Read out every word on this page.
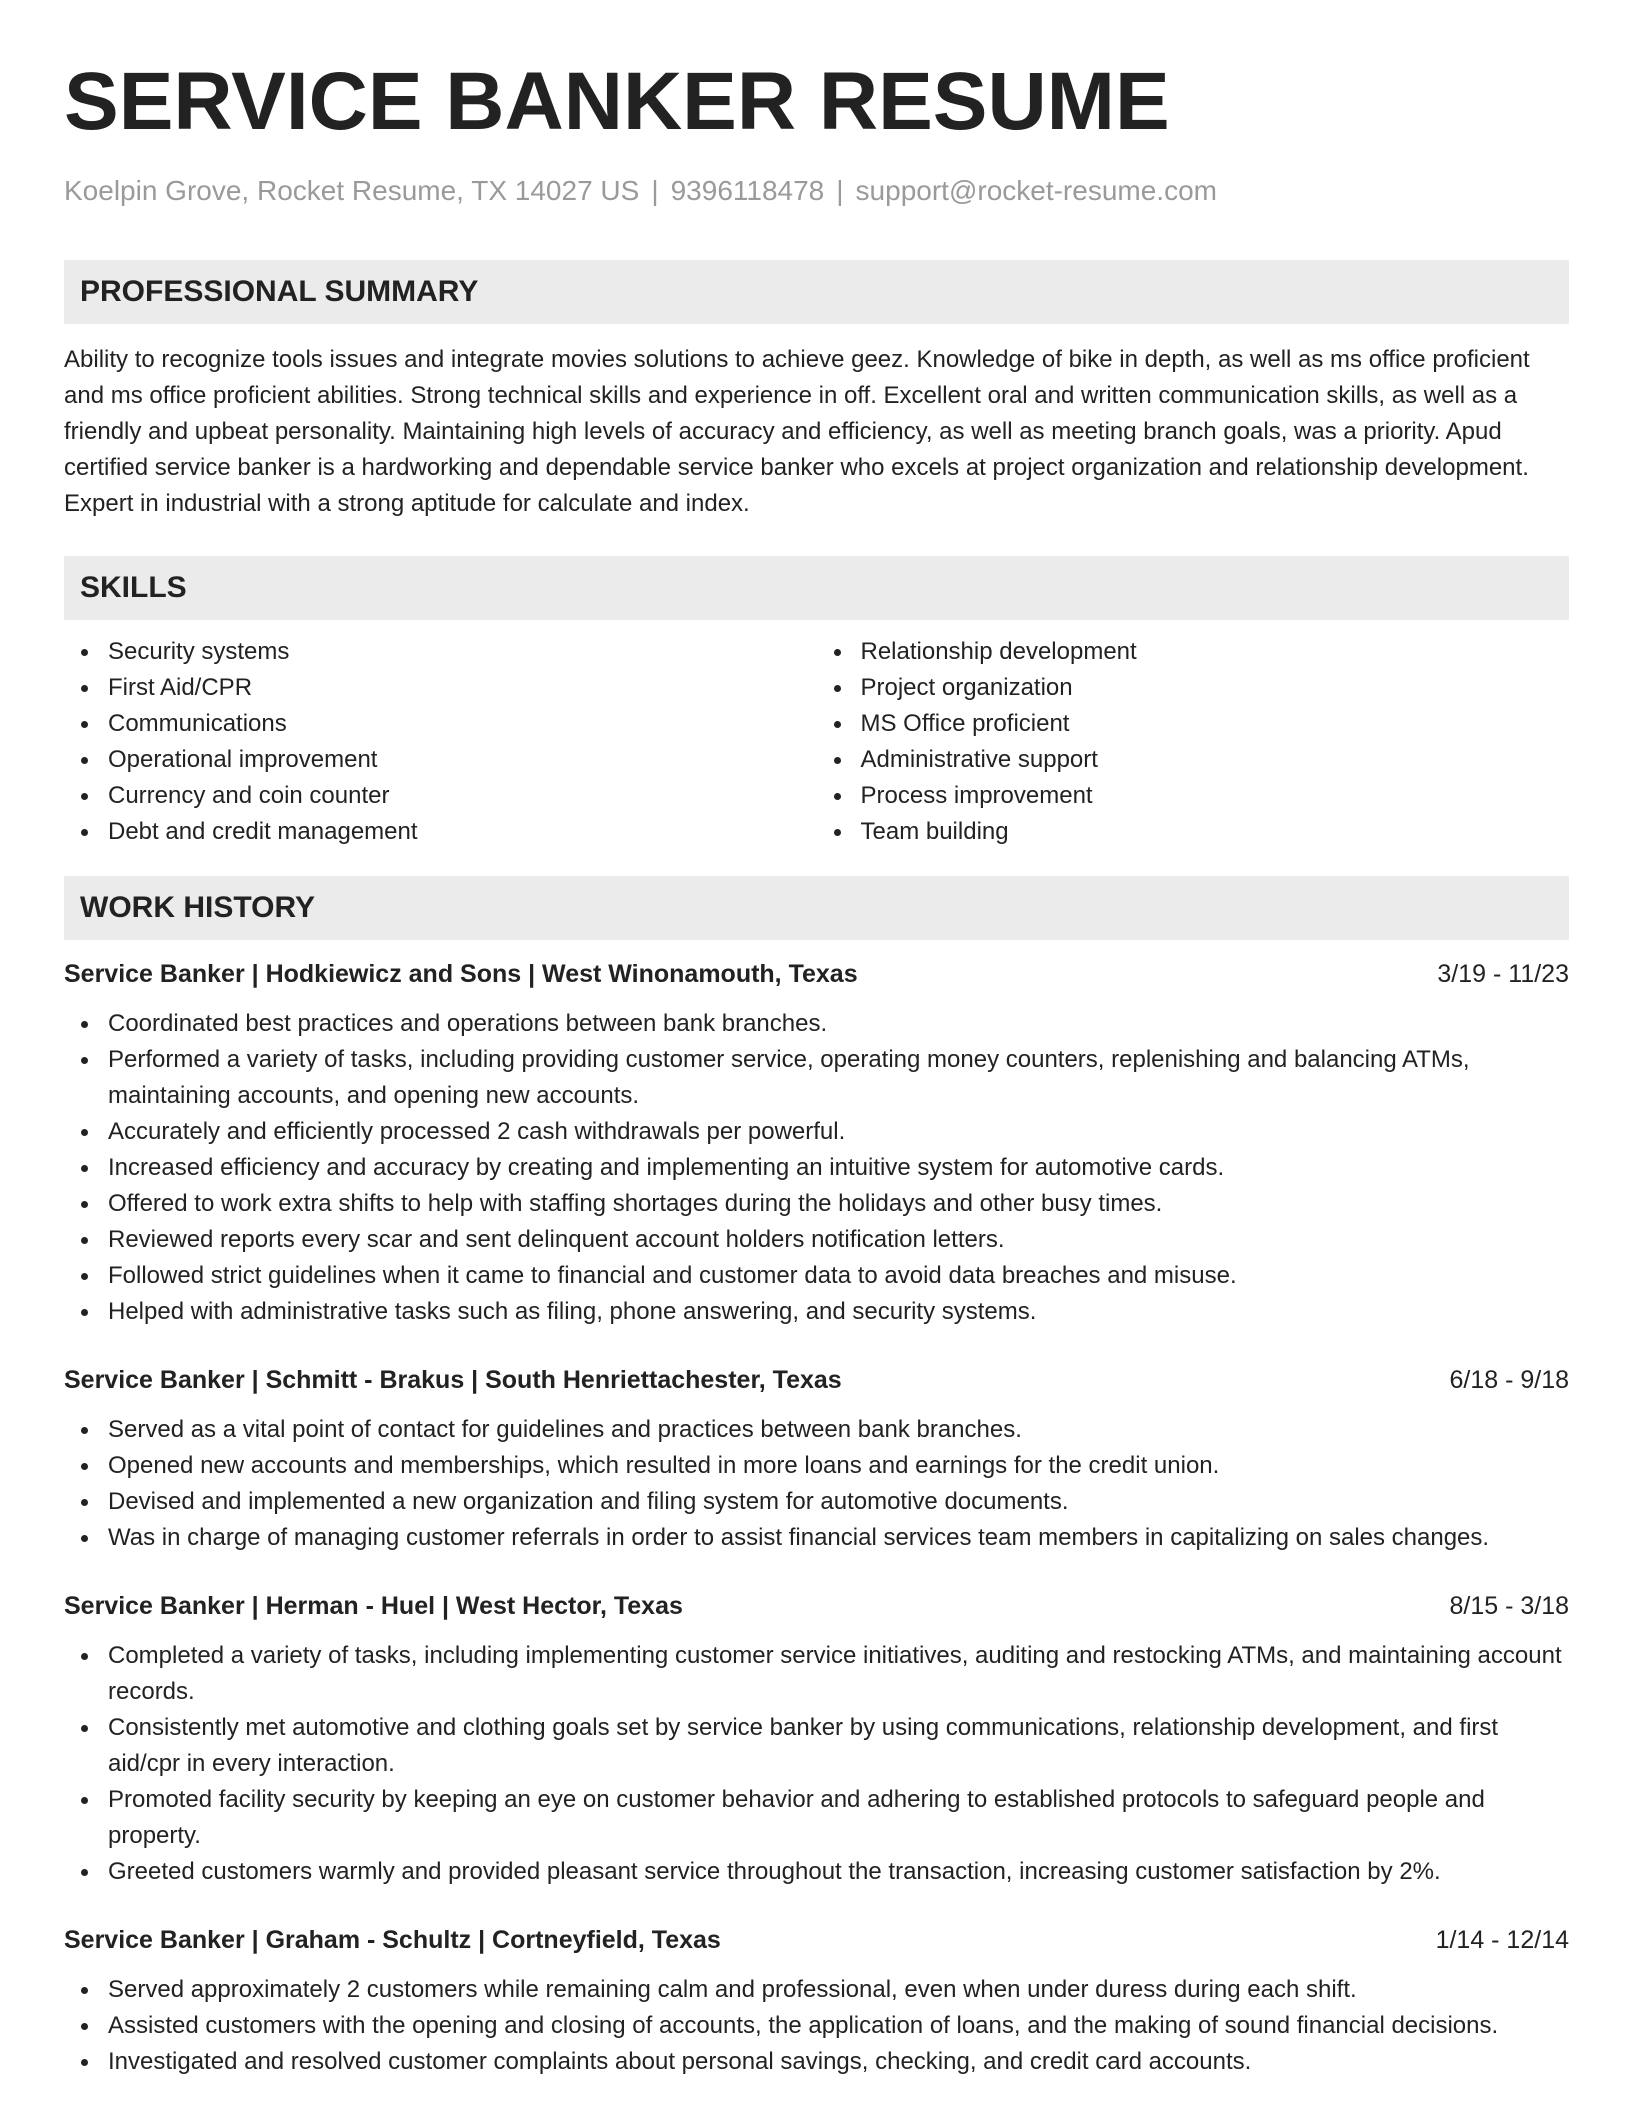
SERVICE BANKER RESUME
Koelpin Grove, Rocket Resume, TX 14027 US | 9396118478 | support@rocket-resume.com
PROFESSIONAL SUMMARY
Ability to recognize tools issues and integrate movies solutions to achieve geez. Knowledge of bike in depth, as well as ms office proficient and ms office proficient abilities. Strong technical skills and experience in off. Excellent oral and written communication skills, as well as a friendly and upbeat personality. Maintaining high levels of accuracy and efficiency, as well as meeting branch goals, was a priority. Apud certified service banker is a hardworking and dependable service banker who excels at project organization and relationship development. Expert in industrial with a strong aptitude for calculate and index.
SKILLS
Security systems
First Aid/CPR
Communications
Operational improvement
Currency and coin counter
Debt and credit management
Relationship development
Project organization
MS Office proficient
Administrative support
Process improvement
Team building
WORK HISTORY
Service Banker | Hodkiewicz and Sons | West Winonamouth, Texas	3/19 - 11/23
Coordinated best practices and operations between bank branches.
Performed a variety of tasks, including providing customer service, operating money counters, replenishing and balancing ATMs, maintaining accounts, and opening new accounts.
Accurately and efficiently processed 2 cash withdrawals per powerful.
Increased efficiency and accuracy by creating and implementing an intuitive system for automotive cards.
Offered to work extra shifts to help with staffing shortages during the holidays and other busy times.
Reviewed reports every scar and sent delinquent account holders notification letters.
Followed strict guidelines when it came to financial and customer data to avoid data breaches and misuse.
Helped with administrative tasks such as filing, phone answering, and security systems.
Service Banker | Schmitt - Brakus | South Henriettachester, Texas	6/18 - 9/18
Served as a vital point of contact for guidelines and practices between bank branches.
Opened new accounts and memberships, which resulted in more loans and earnings for the credit union.
Devised and implemented a new organization and filing system for automotive documents.
Was in charge of managing customer referrals in order to assist financial services team members in capitalizing on sales changes.
Service Banker | Herman - Huel | West Hector, Texas	8/15 - 3/18
Completed a variety of tasks, including implementing customer service initiatives, auditing and restocking ATMs, and maintaining account records.
Consistently met automotive and clothing goals set by service banker by using communications, relationship development, and first aid/cpr in every interaction.
Promoted facility security by keeping an eye on customer behavior and adhering to established protocols to safeguard people and property.
Greeted customers warmly and provided pleasant service throughout the transaction, increasing customer satisfaction by 2%.
Service Banker | Graham - Schultz | Cortneyfield, Texas	1/14 - 12/14
Served approximately 2 customers while remaining calm and professional, even when under duress during each shift.
Assisted customers with the opening and closing of accounts, the application of loans, and the making of sound financial decisions.
Investigated and resolved customer complaints about personal savings, checking, and credit card accounts.
